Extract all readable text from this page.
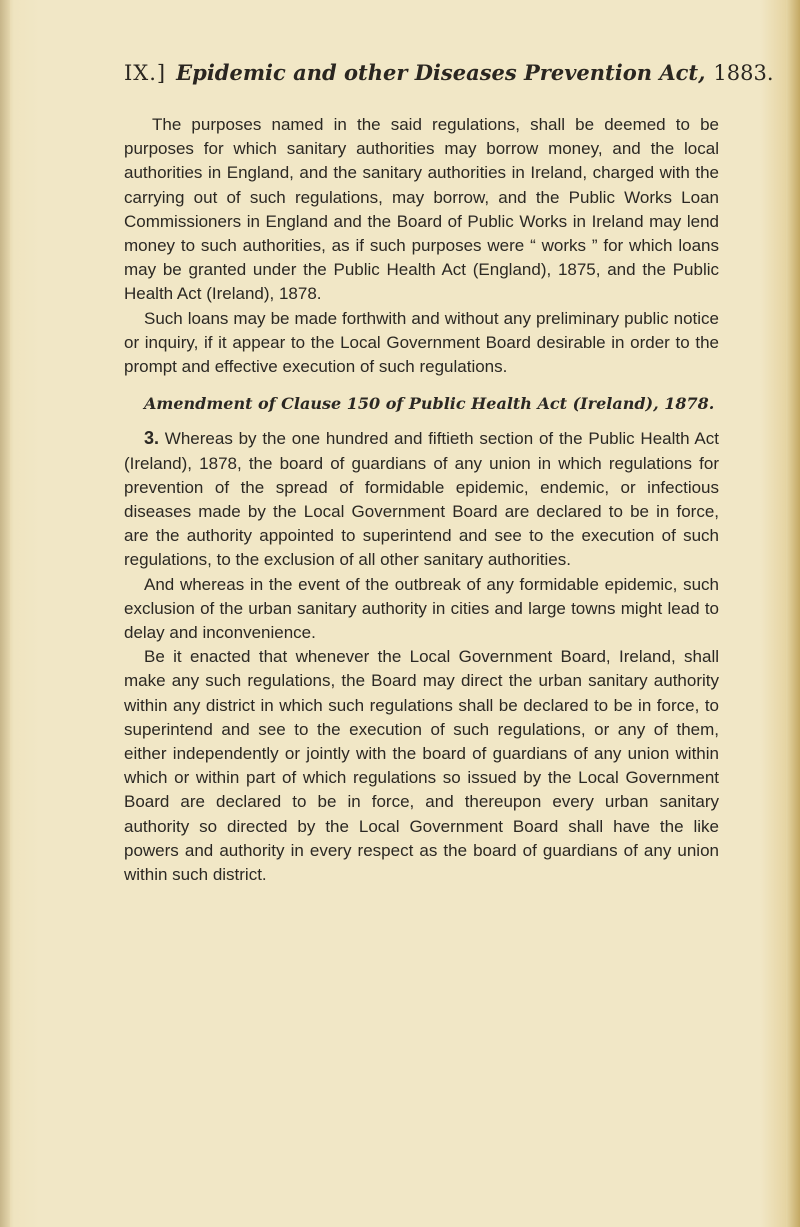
IX.] Epidemic and other Diseases Prevention Act, 1883.

The purposes named in the said regulations, shall be deemed to be purposes for which sanitary authorities may borrow money, and the local authorities in England, and the sanitary authorities in Ireland, charged with the carrying out of such regulations, may borrow, and the Public Works Loan Commissioners in England and the Board of Public Works in Ireland may lend money to such authorities, as if such purposes were “ works ” for which loans may be granted under the Public Health Act (England), 1875, and the Public Health Act (Ireland), 1878.

Such loans may be made forthwith and without any preliminary public notice or inquiry, if it appear to the Local Government Board desirable in order to the prompt and effective execution of such regulations.

Amendment of Clause 150 of Public Health Act (Ireland), 1878.

3. Whereas by the one hundred and fiftieth section of the Public Health Act (Ireland), 1878, the board of guardians of any union in which regulations for prevention of the spread of formidable epidemic, endemic, or infectious diseases made by the Local Government Board are declared to be in force, are the authority appointed to superintend and see to the execution of such regulations, to the exclusion of all other sanitary authorities.

And whereas in the event of the outbreak of any formidable epidemic, such exclusion of the urban sanitary authority in cities and large towns might lead to delay and inconvenience.

Be it enacted that whenever the Local Government Board, Ireland, shall make any such regulations, the Board may direct the urban sanitary authority within any district in which such regulations shall be declared to be in force, to superintend and see to the execution of such regulations, or any of them, either independently or jointly with the board of guardians of any union within which or within part of which regulations so issued by the Local Government Board are declared to be in force, and thereupon every urban sanitary authority so directed by the Local Government Board shall have the like powers and authority in every respect as the board of guardians of any union within such district.
